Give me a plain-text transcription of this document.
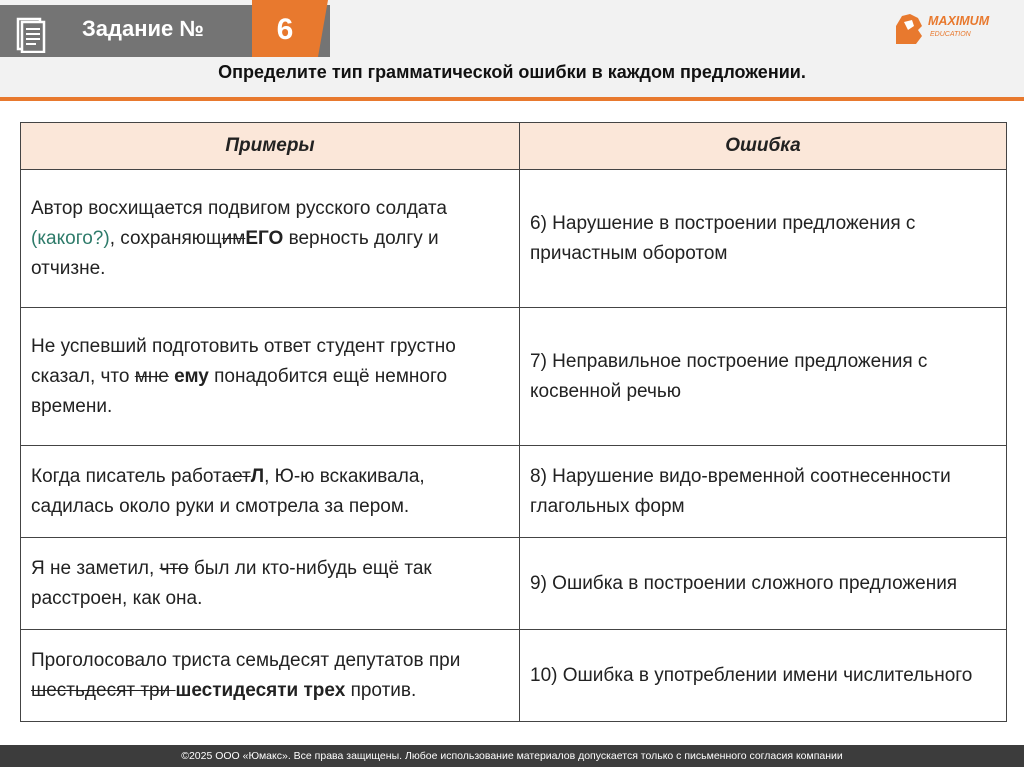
Задание №	6	MAXIMUM
EDUCATION
Определите тип грамматической ошибки в каждом предложении.
Примеры	Ошибка
Автор восхищается подвигом русского солдата (какого?), сохраняющимЕГО верность долгу и отчизне.	6) Нарушение в построении предложения с причастным оборотом
Не успевший подготовить ответ студент грустно сказал, что мне ему понадобится ещё немного времени.	7) Неправильное построение предложения с косвенной речью
Когда писатель работаетЛ, Ю-ю вскакивала, садилась около руки и смотрела за пером.	8) Нарушение видо-временной соотнесенности глагольных форм
Я не заметил, что был ли кто-нибудь ещё так расстроен, как она.	9) Ошибка в построении сложного предложения
Проголосовало триста семьдесят депутатов при шестьдесят три шестидесяти трех против.	10) Ошибка в употреблении имени числительного
©2025 ООО «Юмакс». Все права защищены. Любое использование материалов допускается только с письменного согласия компании
